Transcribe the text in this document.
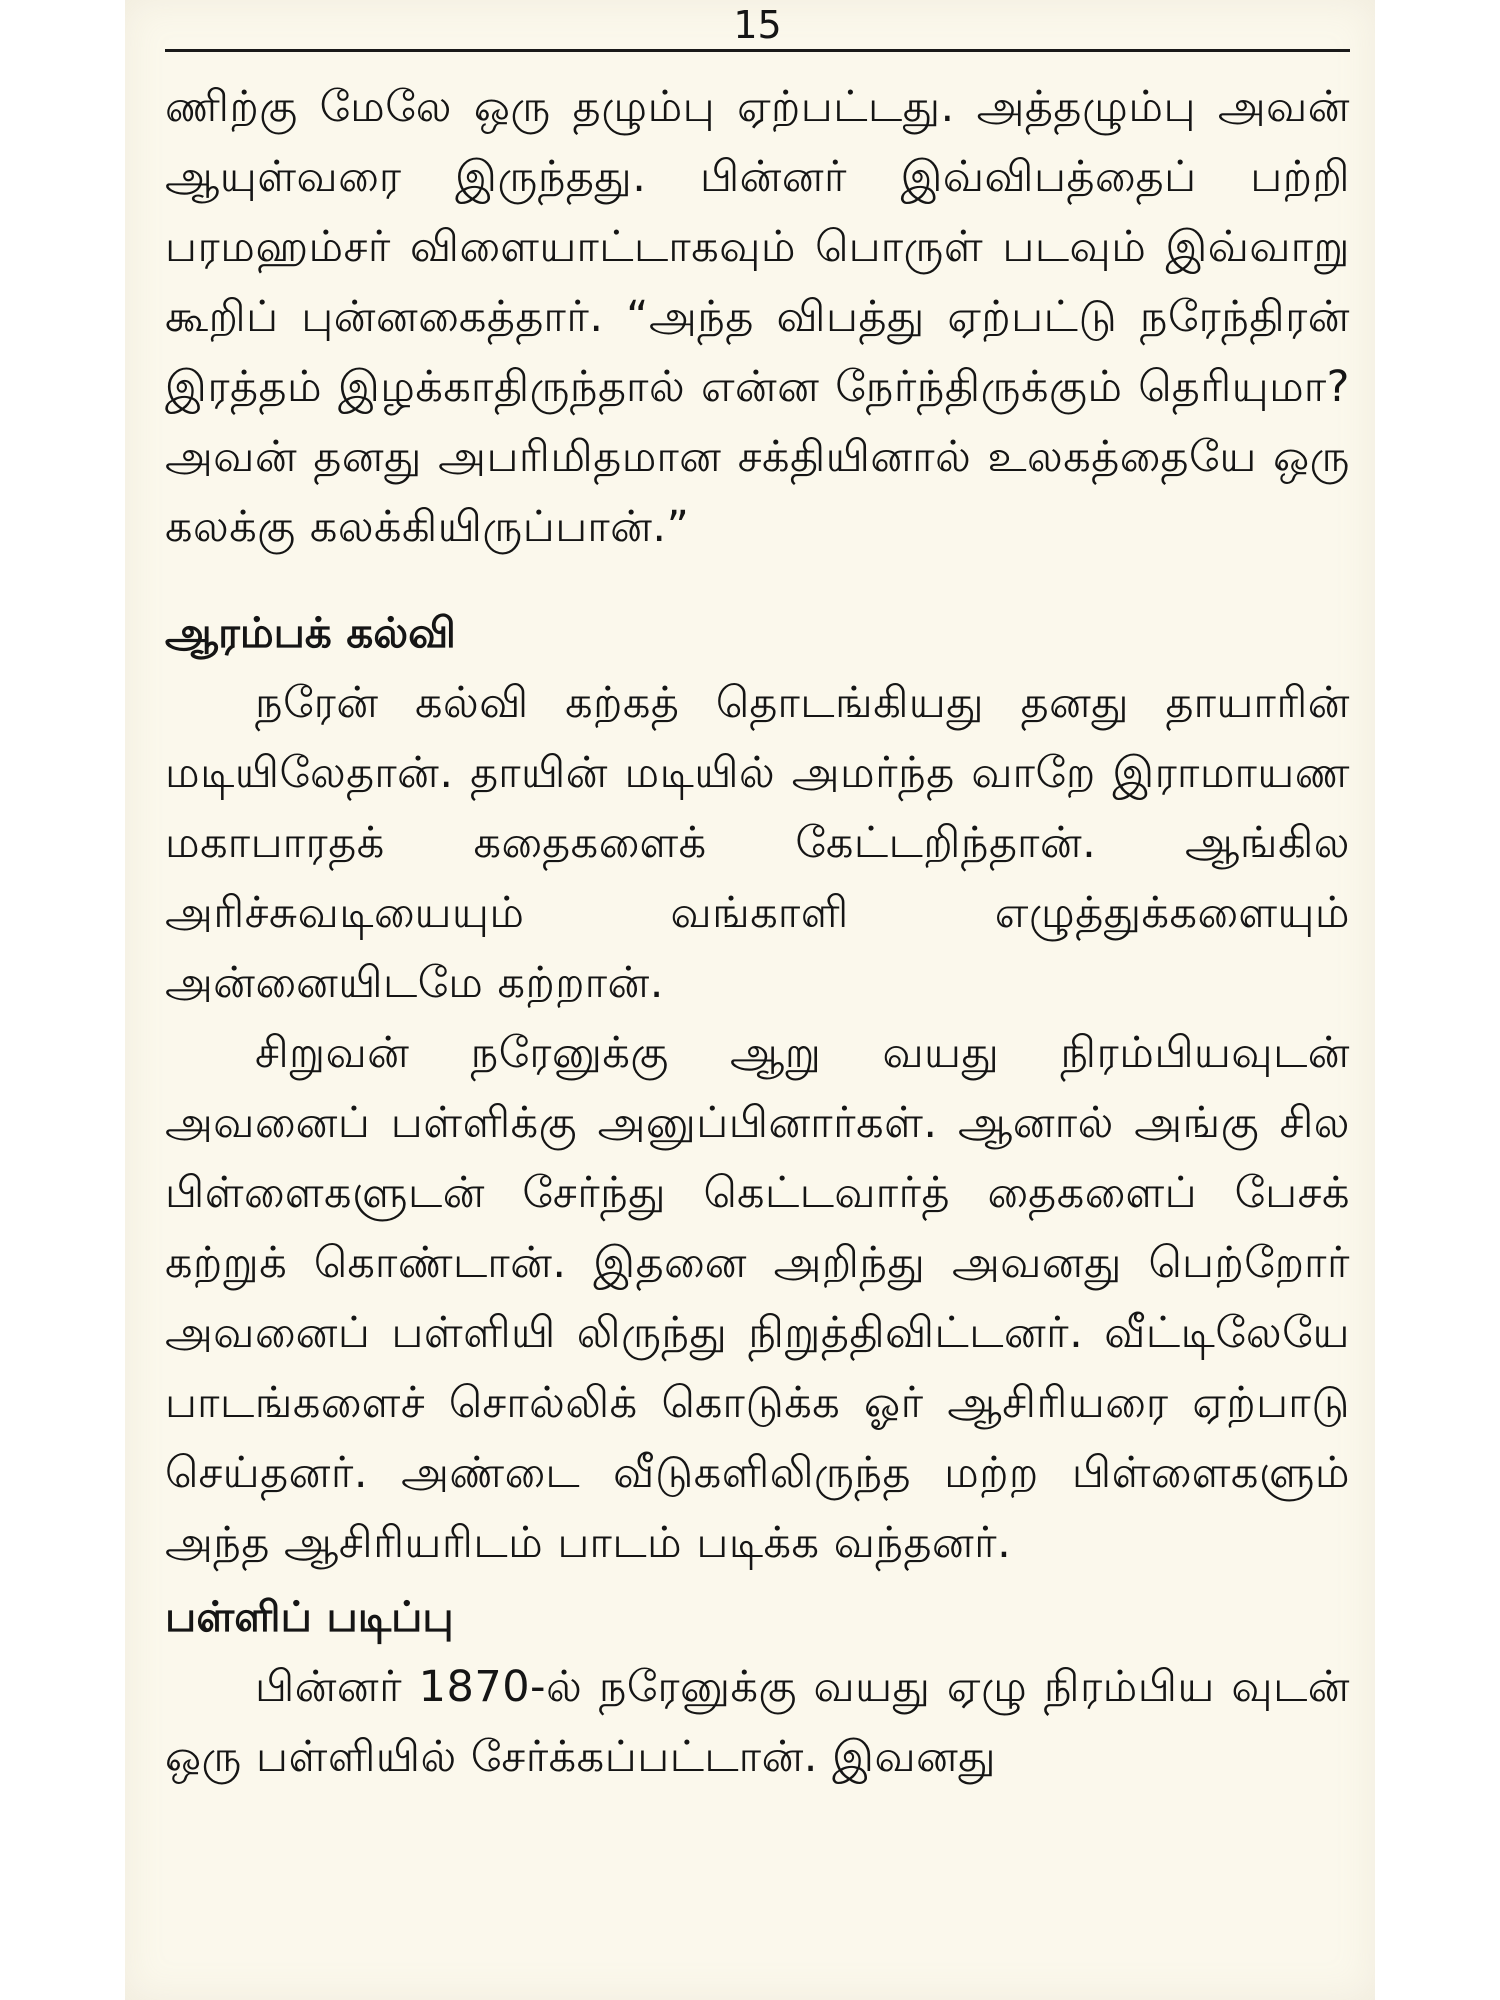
15

ணிற்கு மேலே ஒரு தழும்பு ஏற்பட்டது. அத்தழும்பு அவன் ஆயுள்வரை இருந்தது. பின்னர் இவ்விபத்தைப் பற்றி பரமஹம்சர் விளையாட்டாகவும் பொருள் படவும் இவ்வாறு கூறிப் புன்னகைத்தார். “அந்த விபத்து ஏற்பட்டு நரேந்திரன் இரத்தம் இழக்காதிருந்தால் என்ன நேர்ந்திருக்கும் தெரியுமா? அவன் தனது அபரிமிதமான சக்தியினால் உலகத்தையே ஒரு கலக்கு கலக்கியிருப்பான்.”

ஆரம்பக் கல்வி

நரேன் கல்வி கற்கத் தொடங்கியது தனது தாயாரின் மடியிலேதான். தாயின் மடியில் அமர்ந்த வாறே இராமாயண மகாபாரதக் கதைகளைக் கேட்டறிந்தான். ஆங்கில அரிச்சுவடியையும் வங்காளி எழுத்துக்களையும் அன்னையிடமே கற்றான்.

சிறுவன் நரேனுக்கு ஆறு வயது நிரம்பியவுடன் அவனைப் பள்ளிக்கு அனுப்பினார்கள். ஆனால் அங்கு சில பிள்ளைகளுடன் சேர்ந்து கெட்டவார்த் தைகளைப் பேசக் கற்றுக் கொண்டான். இதனை அறிந்து அவனது பெற்றோர் அவனைப் பள்ளியி லிருந்து நிறுத்திவிட்டனர். வீட்டிலேயே பாடங்களைச் சொல்லிக் கொடுக்க ஓர் ஆசிரியரை ஏற்பாடு செய்தனர். அண்டை வீடுகளிலிருந்த மற்ற பிள்ளைகளும் அந்த ஆசிரியரிடம் பாடம் படிக்க வந்தனர்.

பள்ளிப் படிப்பு

பின்னர் 1870-ல் நரேனுக்கு வயது ஏழு நிரம்பிய வுடன் ஒரு பள்ளியில் சேர்க்கப்பட்டான். இவனது
